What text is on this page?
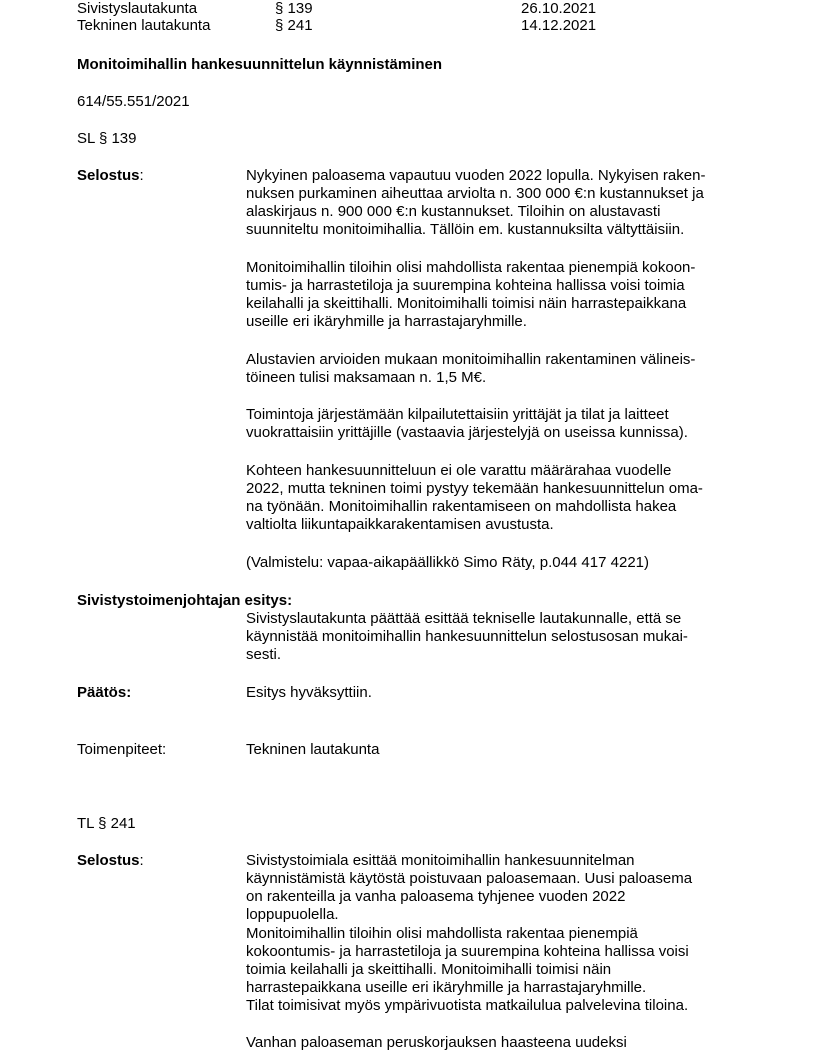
Sivistyslautakunta	§ 139	26.10.2021
Tekninen lautakunta	§ 241	14.12.2021
Monitoimihallin hankesuunnittelun käynnistäminen
614/55.551/2021
SL § 139
Selostus:	Nykyinen paloasema vapautuu vuoden 2022 lopulla. Nykyisen raken-
nuksen purkaminen aiheuttaa arviolta n. 300 000 €:n kustannukset ja
alaskirjaus n. 900 000 €:n kustannukset. Tiloihin on alustavasti
suunniteltu monitoimihallia. Tällöin em. kustannuksilta vältyttäisiin.
Monitoimihallin tiloihin olisi mahdollista rakentaa pienempiä kokoon-
tumis- ja harrastetiloja ja suurempina kohteina hallissa voisi toimia
keilahalli ja skeittihalli. Monitoimihalli toimisi näin harrastepaikkana
useille eri ikäryhmille ja harrastajaryhmille.
Alustavien arvioiden mukaan monitoimihallin rakentaminen välineis-
töineen tulisi maksamaan n. 1,5 M€.
Toimintoja järjestämään kilpailutettaisiin yrittäjät ja tilat ja laitteet
vuokrattaisiin yrittäjille (vastaavia järjestelyjä on useissa kunnissa).
Kohteen hankesuunnitteluun ei ole varattu määrärahaa vuodelle
2022, mutta tekninen toimi pystyy tekemään hankesuunnittelun oma-
na työnään. Monitoimihallin rakentamiseen on mahdollista hakea
valtiolta liikuntapaikkarakentamisen avustusta.
(Valmistelu: vapaa-aikapäällikkö Simo Räty, p.044 417 4221)
Sivistystoimenjohtajan esitys:
Sivistyslautakunta päättää esittää tekniselle lautakunnalle, että se
käynnistää monitoimihallin hankesuunnittelun selostusosan mukai-
sesti.
Päätös:	Esitys hyväksyttiin.
Toimenpiteet:	Tekninen lautakunta
TL § 241
Selostus:	Sivistystoimiala esittää monitoimihallin hankesuunnitelman
käynnistämistä käytöstä poistuvaan paloasemaan. Uusi paloasema
on rakenteilla ja vanha paloasema tyhjenee vuoden 2022
loppupuolella.
Monitoimihallin tiloihin olisi mahdollista rakentaa pienempiä
kokoontumis- ja harrastetiloja ja suurempina kohteina hallissa voisi
toimia keilahalli ja skeittihalli. Monitoimihalli toimisi näin
harrastepaikkana useille eri ikäryhmille ja harrastajaryhmille.
Tilat toimisivat myös ympärivuotista matkailulua palvelevina tiloina.
Vanhan paloaseman peruskorjauksen haasteena uudeksi
